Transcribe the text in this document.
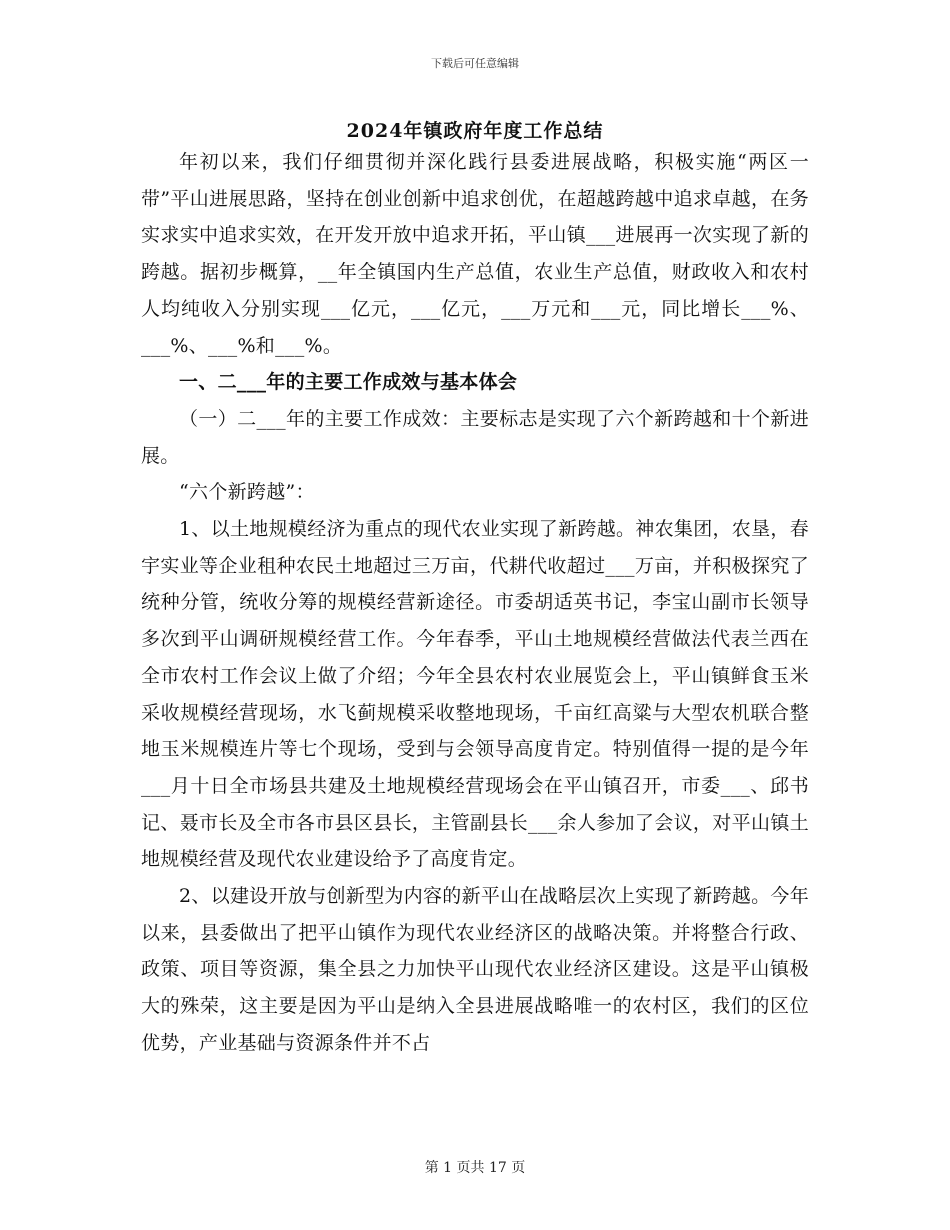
下载后可任意编辑
2024年镇政府年度工作总结

年初以来，我们仔细贯彻并深化践行县委进展战略，积极实施“两区一带”平山进展思路，坚持在创业创新中追求创优，在超越跨越中追求卓越，在务实求实中追求实效，在开发开放中追求开拓，平山镇___进展再一次实现了新的跨越。据初步概算，__年全镇国内生产总值，农业生产总值，财政收入和农村人均纯收入分别实现___亿元，___亿元，___万元和___元，同比增长___%、___%、___%和___%。

一、二___年的主要工作成效与基本体会

（一）二___年的主要工作成效：主要标志是实现了六个新跨越和十个新进展。

“六个新跨越”：

1、以土地规模经济为重点的现代农业实现了新跨越。神农集团，农垦，春宇实业等企业租种农民土地超过三万亩，代耕代收超过___万亩，并积极探究了统种分管，统收分筹的规模经营新途径。市委胡适英书记，李宝山副市长领导多次到平山调研规模经营工作。今年春季，平山土地规模经营做法代表兰西在全市农村工作会议上做了介绍；今年全县农村农业展览会上，平山镇鲜食玉米采收规模经营现场，水飞蓟规模采收整地现场，千亩红高粱与大型农机联合整地玉米规模连片等七个现场，受到与会领导高度肯定。特别值得一提的是今年___月十日全市场县共建及土地规模经营现场会在平山镇召开，市委___、邱书记、聂市长及全市各市县区县长，主管副县长___余人参加了会议，对平山镇土地规模经营及现代农业建设给予了高度肯定。

2、以建设开放与创新型为内容的新平山在战略层次上实现了新跨越。今年以来，县委做出了把平山镇作为现代农业经济区的战略决策。并将整合行政、政策、项目等资源，集全县之力加快平山现代农业经济区建设。这是平山镇极大的殊荣，这主要是因为平山是纳入全县进展战略唯一的农村区，我们的区位优势，产业基础与资源条件并不占

第 1 页共 17 页
